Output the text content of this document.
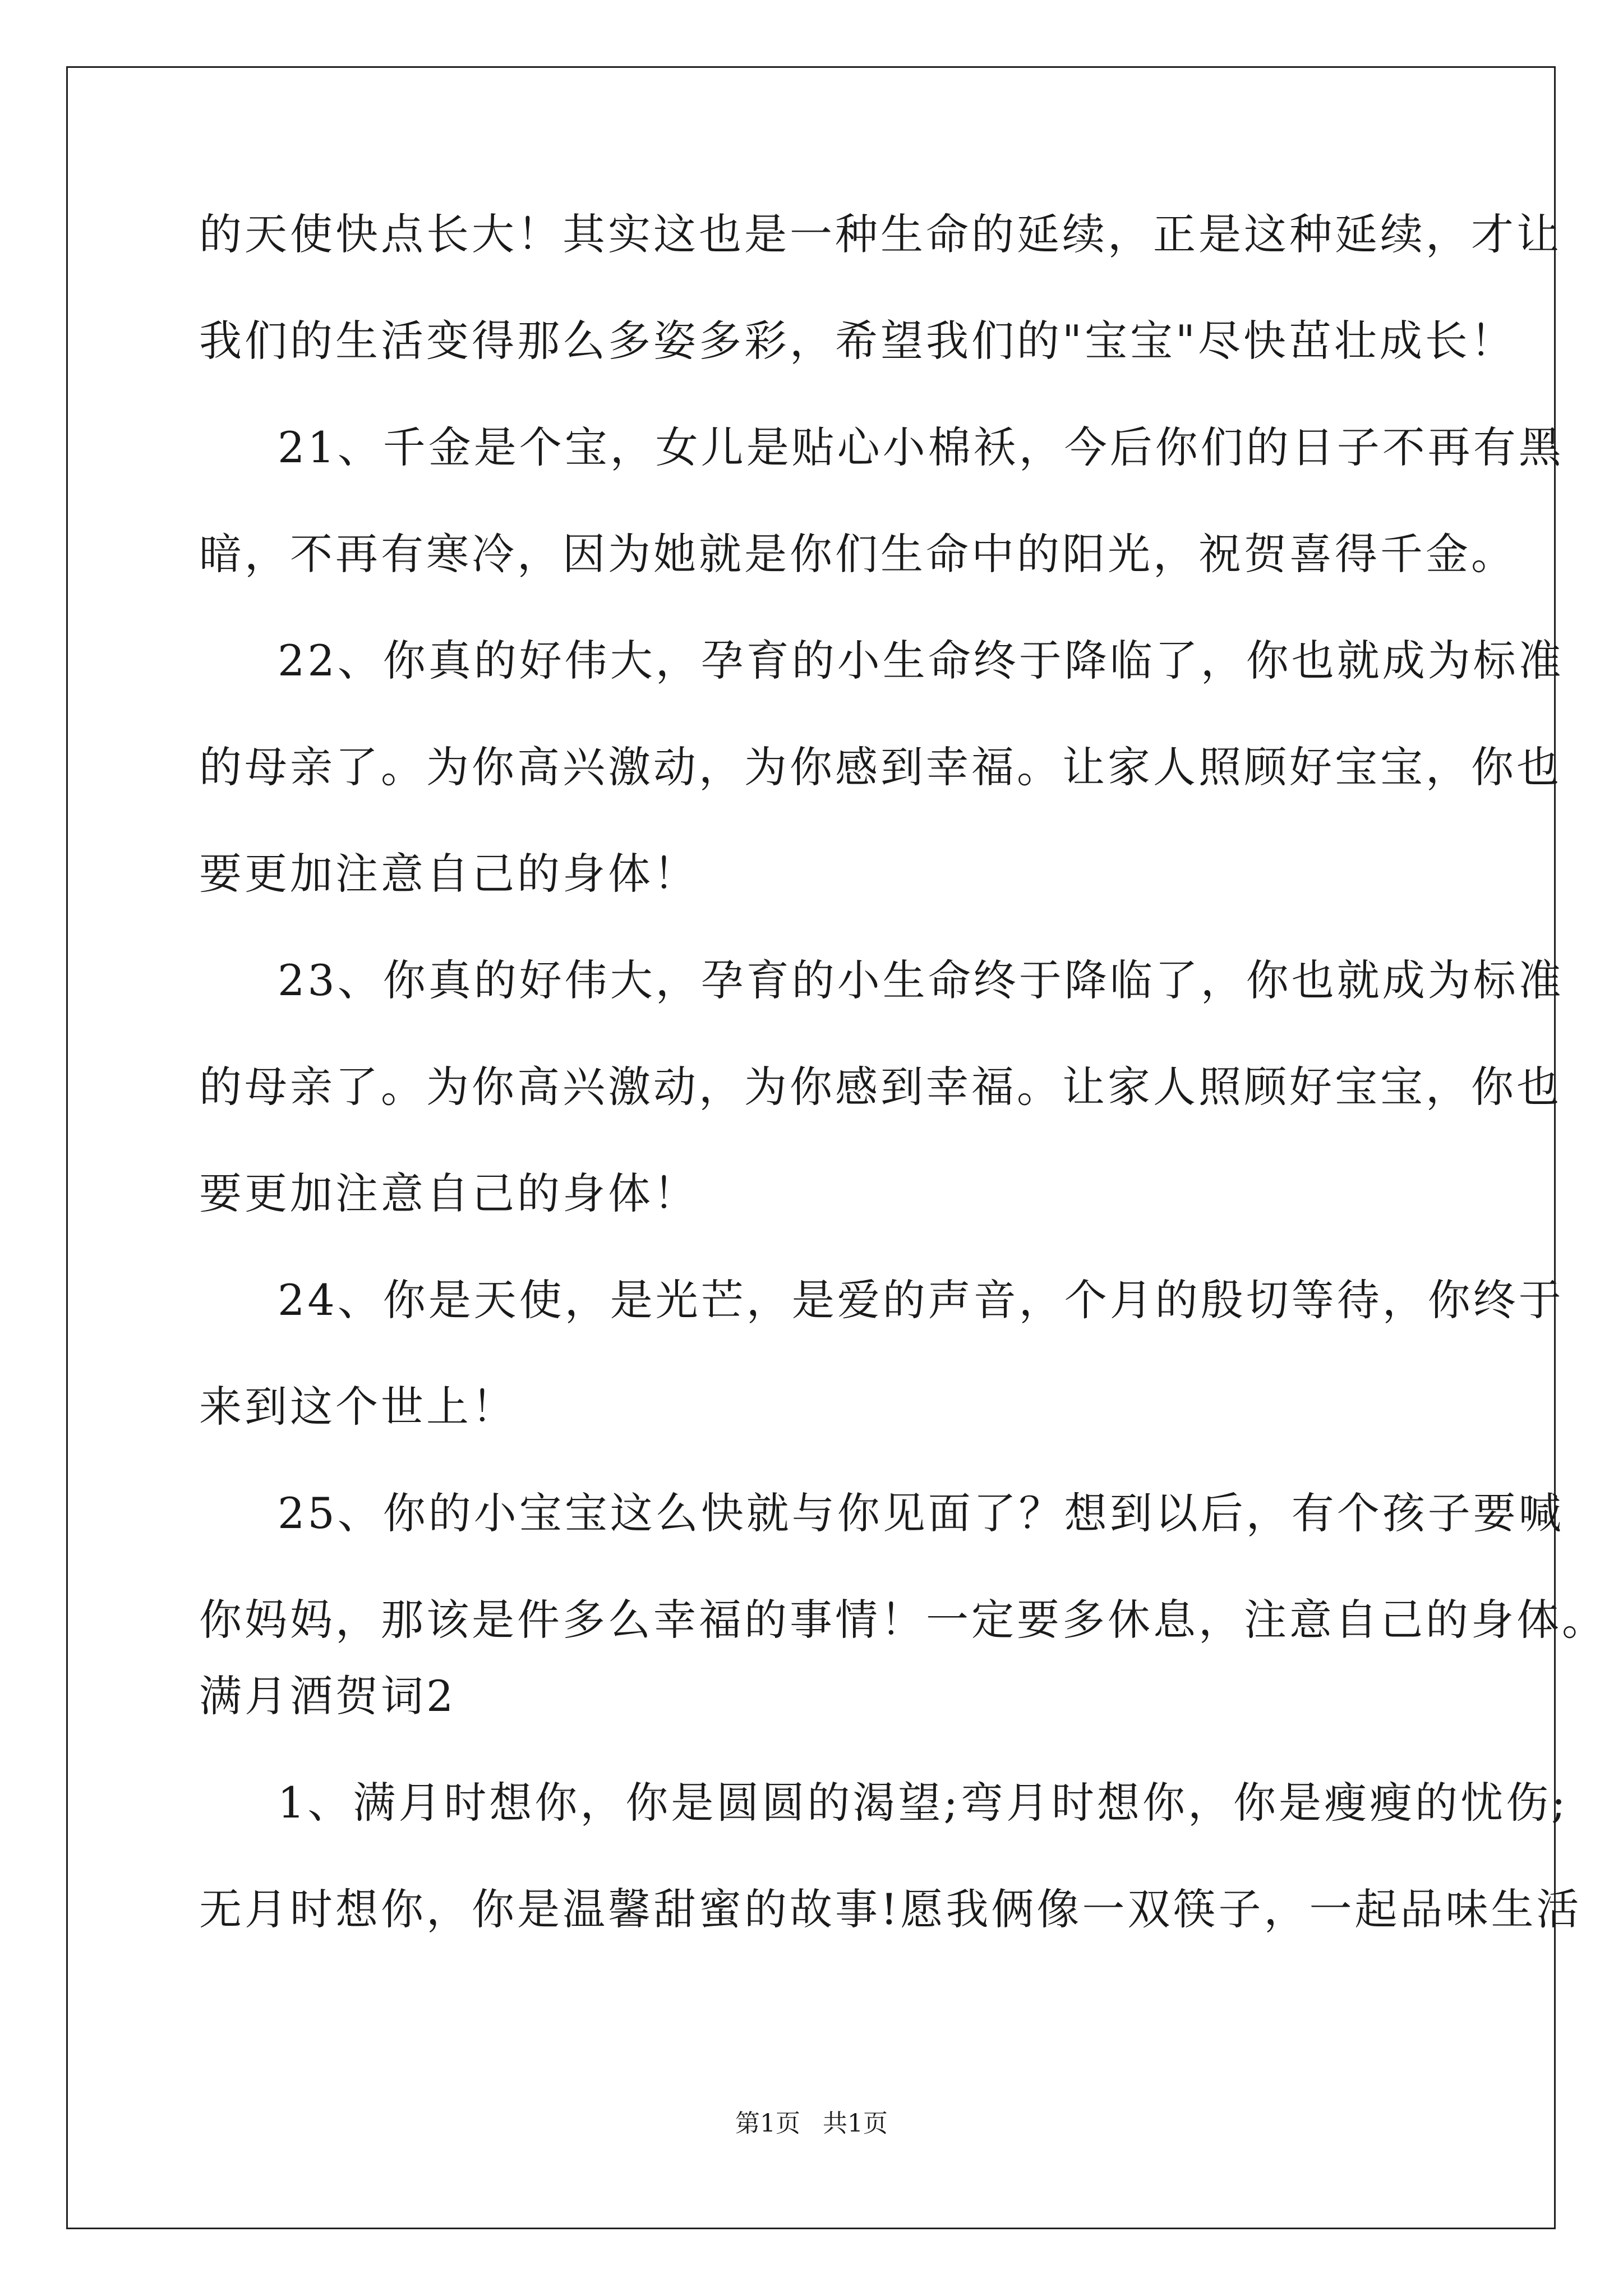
的天使快点长大！其实这也是一种生命的延续，正是这种延续，才让
我们的生活变得那么多姿多彩，希望我们的"宝宝"尽快茁壮成长！
21、千金是个宝，女儿是贴心小棉袄，今后你们的日子不再有黑
暗，不再有寒冷，因为她就是你们生命中的阳光，祝贺喜得千金。
22、你真的好伟大，孕育的小生命终于降临了，你也就成为标准
的母亲了。为你高兴激动，为你感到幸福。让家人照顾好宝宝，你也
要更加注意自己的身体！
23、你真的好伟大，孕育的小生命终于降临了，你也就成为标准
的母亲了。为你高兴激动，为你感到幸福。让家人照顾好宝宝，你也
要更加注意自己的身体！
24、你是天使，是光芒，是爱的声音，个月的殷切等待，你终于
来到这个世上！
25、你的小宝宝这么快就与你见面了？想到以后，有个孩子要喊
你妈妈，那该是件多么幸福的事情！一定要多休息，注意自己的身体。
满月酒贺词2
1、满月时想你，你是圆圆的渴望;弯月时想你，你是瘦瘦的忧伤;
无月时想你，你是温馨甜蜜的故事!愿我俩像一双筷子，一起品味生活
第1页 共1页
